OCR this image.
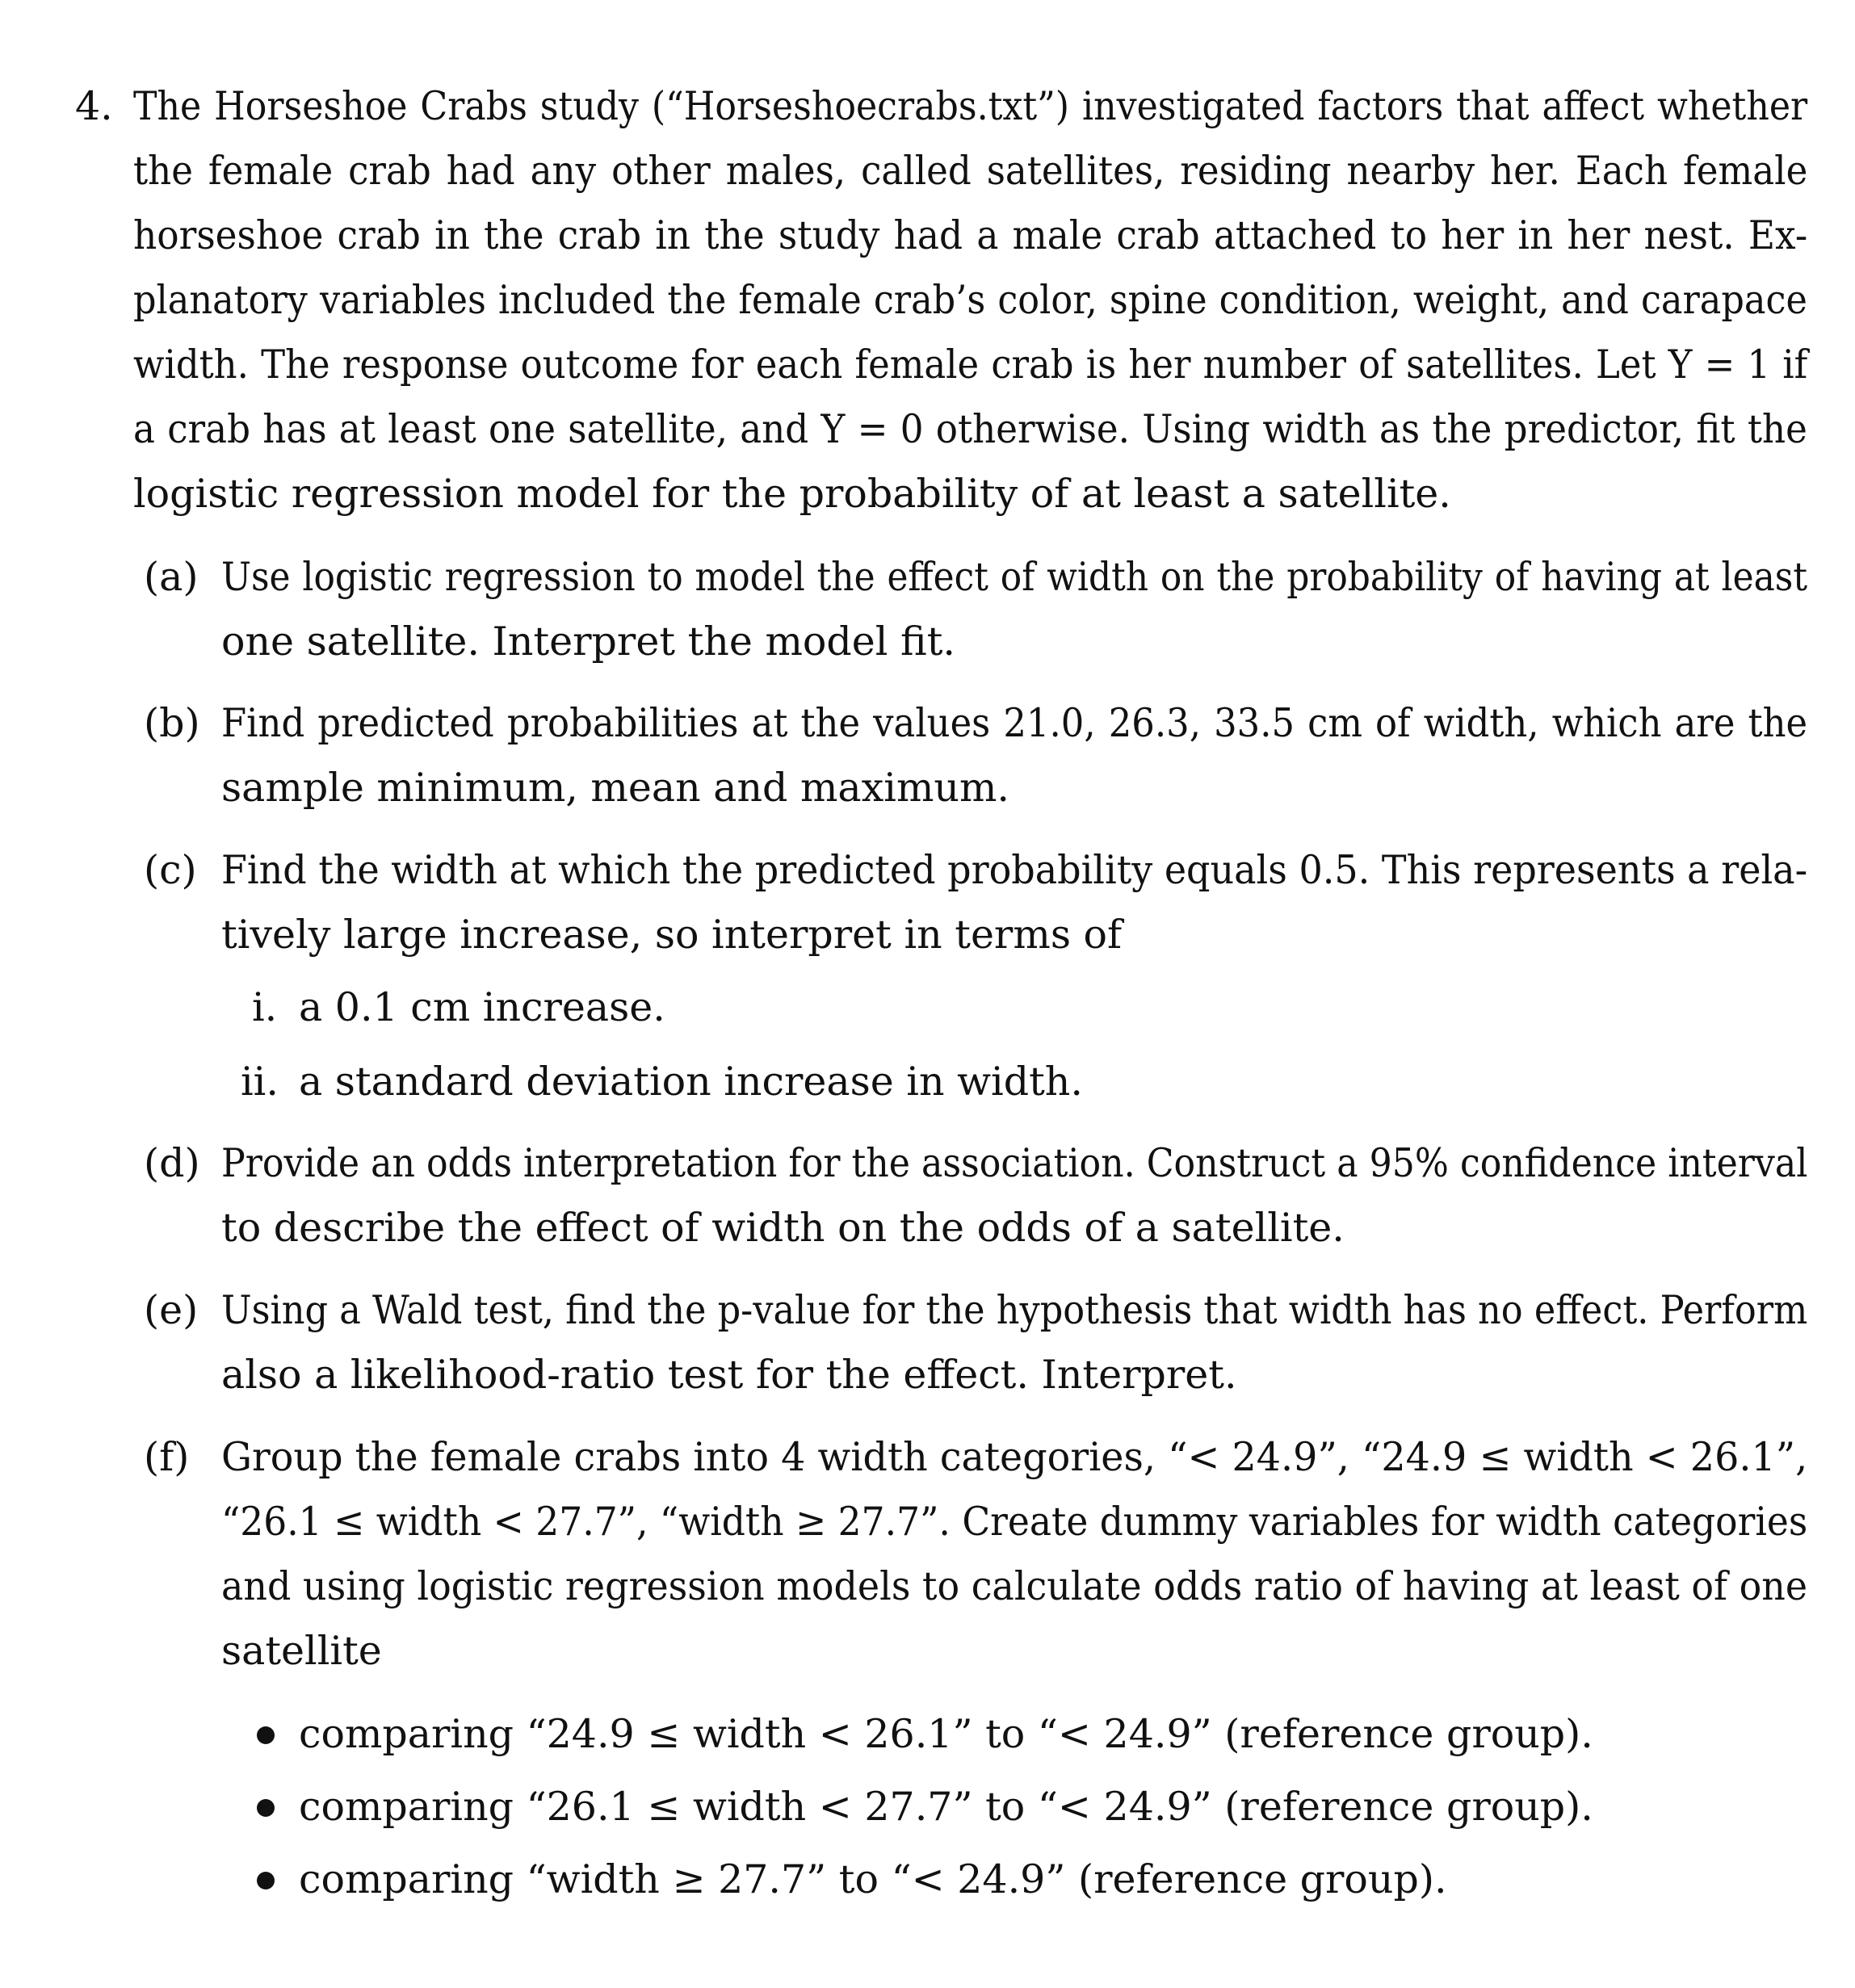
4. The Horseshoe Crabs study (“Horseshoecrabs.txt”) investigated factors that affect whether
the female crab had any other males, called satellites, residing nearby her. Each female
horseshoe crab in the crab in the study had a male crab attached to her in her nest. Ex-
planatory variables included the female crab’s color, spine condition, weight, and carapace
width. The response outcome for each female crab is her number of satellites. Let Y = 1 if
a crab has at least one satellite, and Y = 0 otherwise. Using width as the predictor, fit the
logistic regression model for the probability of at least a satellite.
(a) Use logistic regression to model the effect of width on the probability of having at least
one satellite. Interpret the model fit.
(b) Find predicted probabilities at the values 21.0, 26.3, 33.5 cm of width, which are the
sample minimum, mean and maximum.
(c) Find the width at which the predicted probability equals 0.5. This represents a rela-
tively large increase, so interpret in terms of
i. a 0.1 cm increase.
ii. a standard deviation increase in width.
(d) Provide an odds interpretation for the association. Construct a 95% confidence interval
to describe the effect of width on the odds of a satellite.
(e) Using a Wald test, find the p-value for the hypothesis that width has no effect. Perform
also a likelihood-ratio test for the effect. Interpret.
(f) Group the female crabs into 4 width categories, “< 24.9”, “24.9 ≤ width < 26.1”,
“26.1 ≤ width < 27.7”, “width ≥ 27.7”. Create dummy variables for width categories
and using logistic regression models to calculate odds ratio of having at least of one
satellite
comparing “24.9 ≤ width < 26.1” to “< 24.9” (reference group).
comparing “26.1 ≤ width < 27.7” to “< 24.9” (reference group).
comparing “width ≥ 27.7” to “< 24.9” (reference group).
